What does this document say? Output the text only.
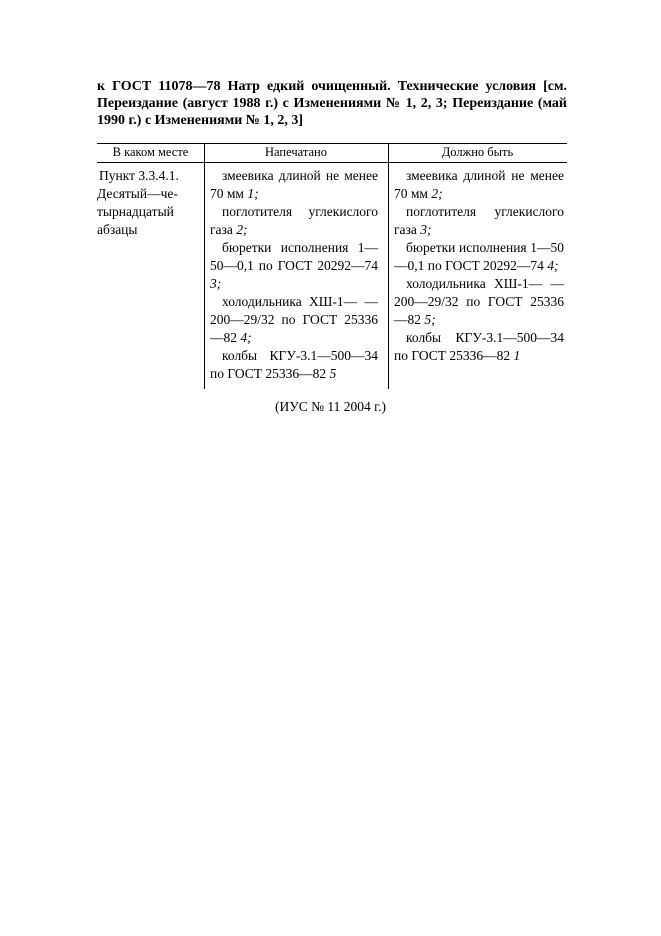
к ГОСТ 11078—78 Натр едкий очищенный. Технические условия [см. Переиздание (август 1988 г.) с Изменениями № 1, 2, 3; Переиздание (май 1990 г.) с Изменениями № 1, 2, 3]
В каком месте	Напечатано	Должно быть
Пункт 3.3.4.1.
Десятый—че-
тырнадцатый
абзацы

змеевика длиной не менее 70 мм 1;

поглотителя углекислого газа 2;

бюретки исполнения 1—50—0,1 по ГОСТ 20292—74 3;

холодильника ХШ-1— —200—29/32 по ГОСТ 25336—82 4;

колбы КГУ-3.1—500—34 по ГОСТ 25336—82 5

змеевика длиной не менее 70 мм 2;

поглотителя углекислого газа 3;

бюретки исполнения 1—50—0,1 по ГОСТ 20292—74 4;

холодильника ХШ-1— —200—29/32 по ГОСТ 25336—82 5;

колбы КГУ-3.1—500—34 по ГОСТ 25336—82 1

(ИУС № 11 2004 г.)
